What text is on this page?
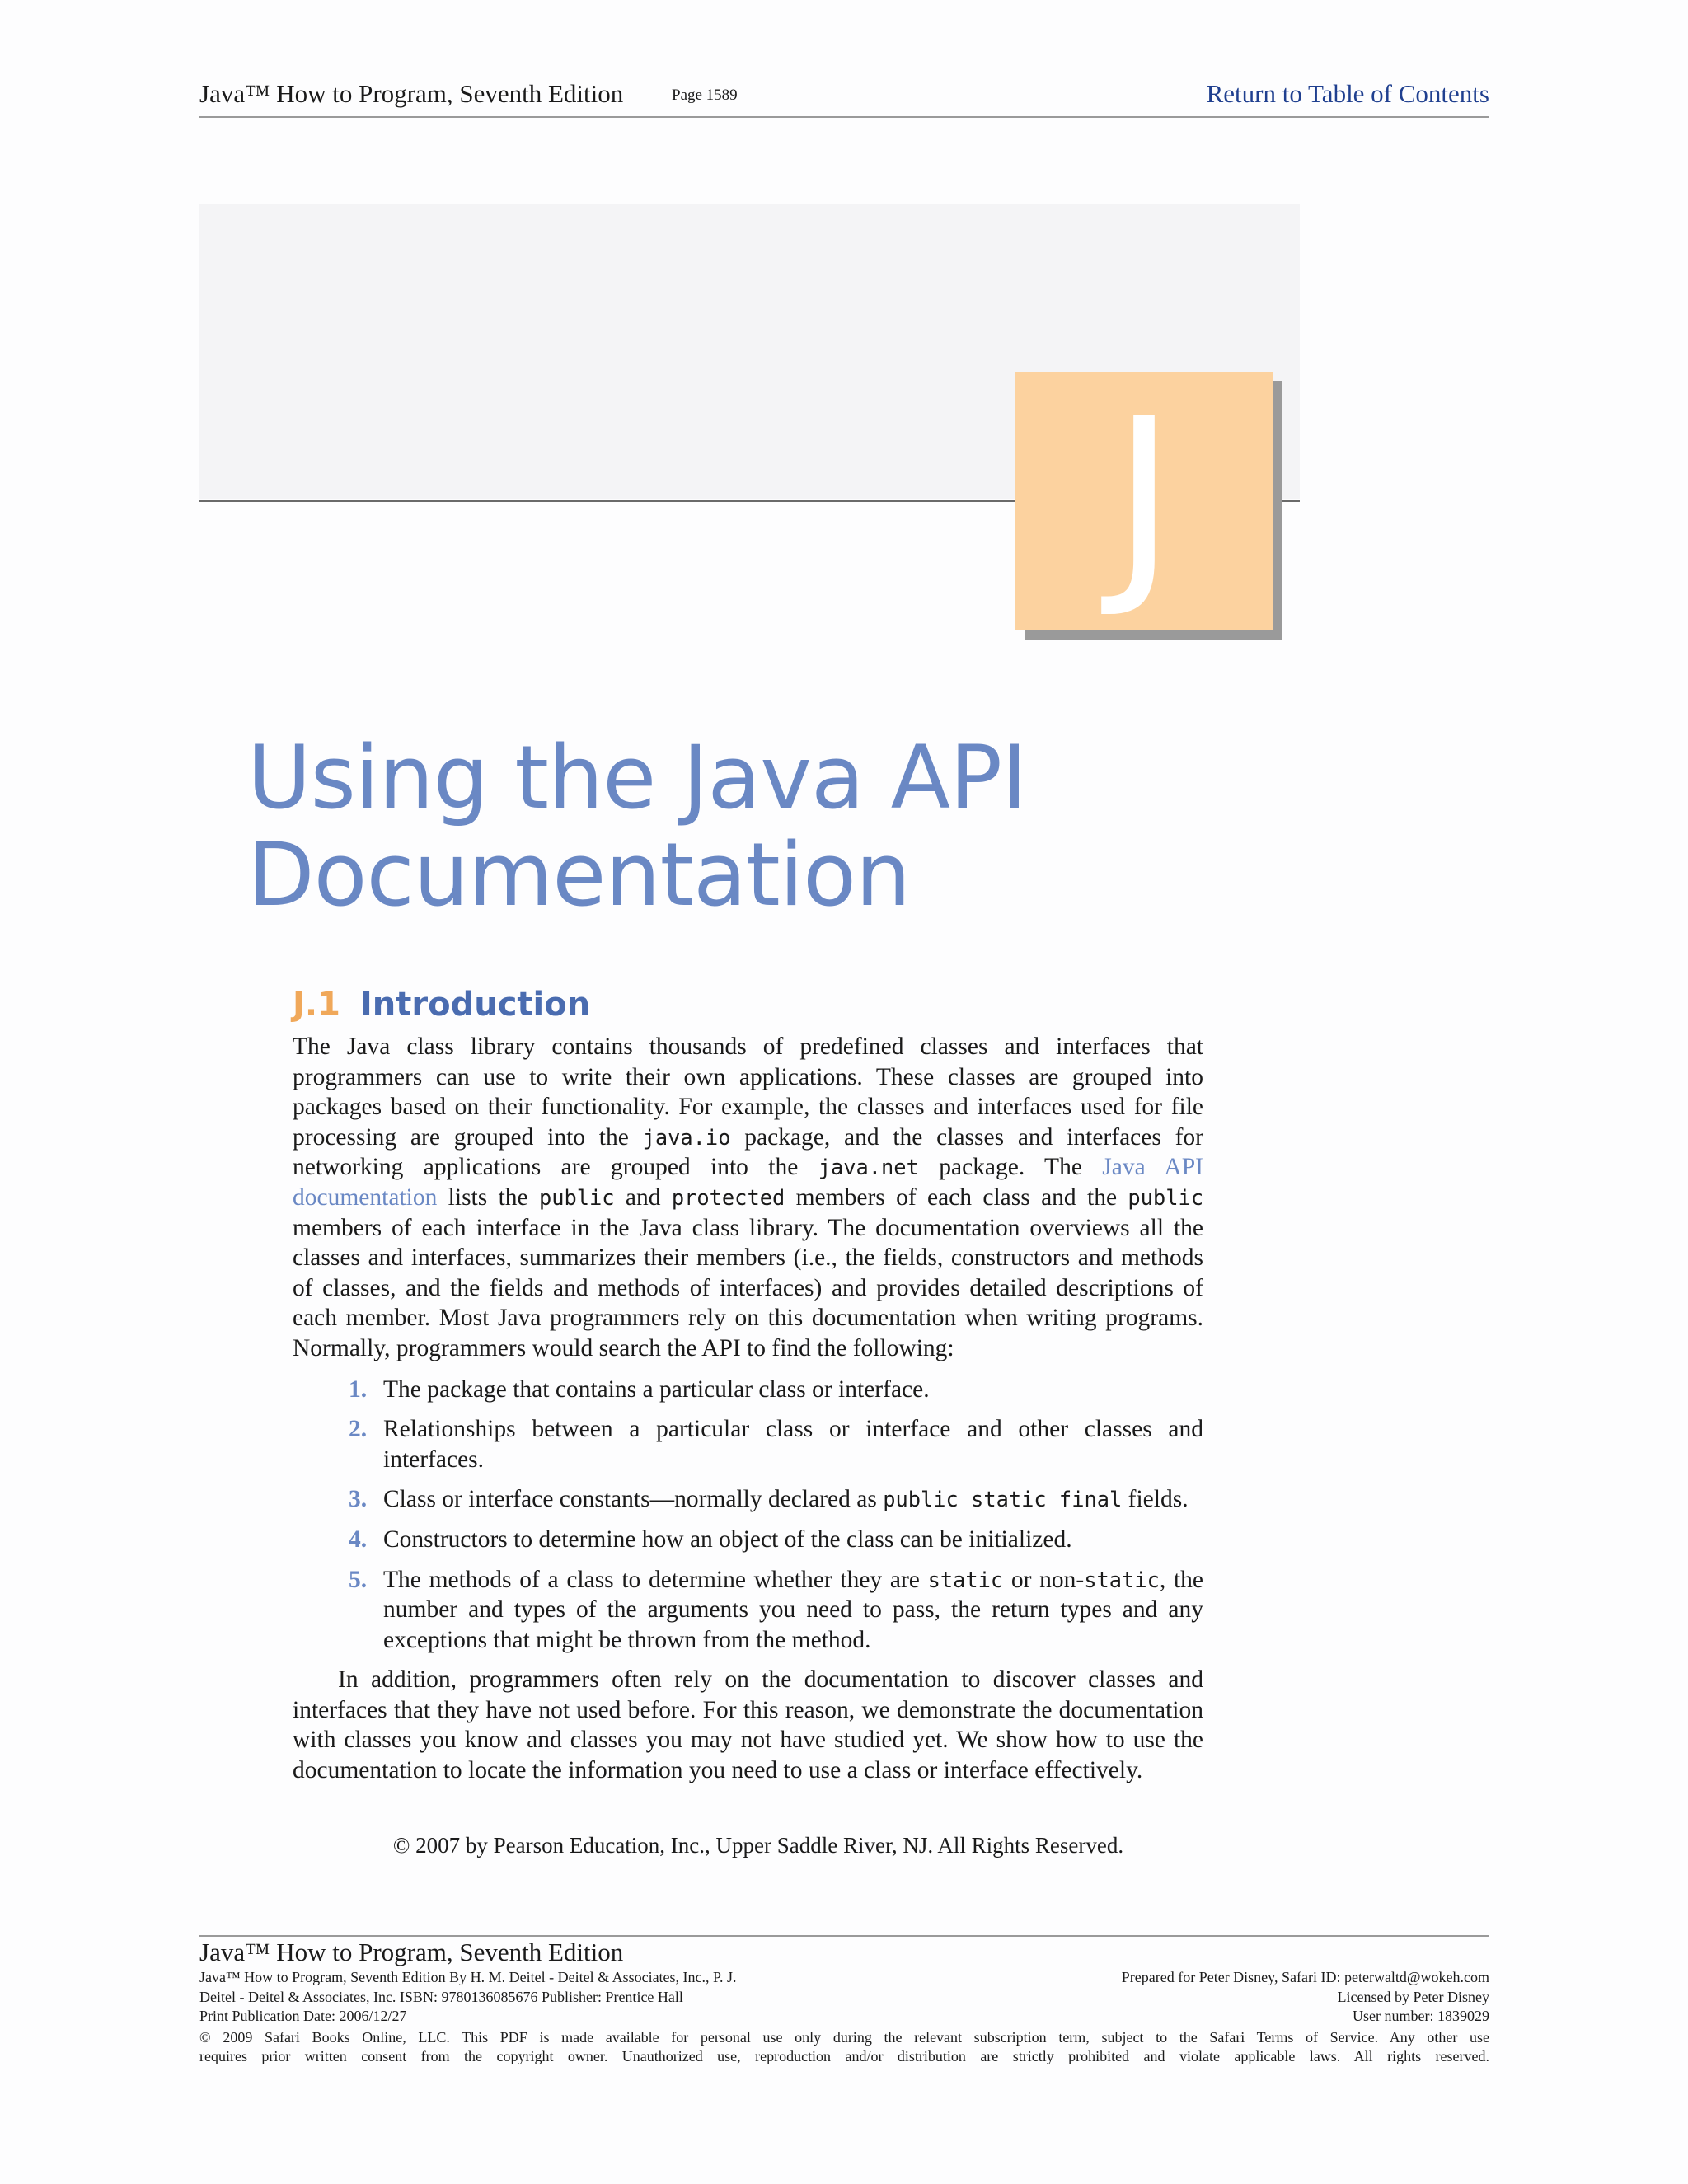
Java™ How to Program, Seventh Edition	Page 1589	Return to Table of Contents
J
Using the Java API Documentation
J.1 Introduction

The Java class library contains thousands of predefined classes and interfaces that programmers can use to write their own applications. These classes are grouped into packages based on their functionality. For example, the classes and interfaces used for file processing are grouped into the java.io package, and the classes and interfaces for networking applications are grouped into the java.net package. The Java API documentation lists the public and protected members of each class and the public members of each interface in the Java class library. The documentation overviews all the classes and interfaces, summarizes their members (i.e., the fields, constructors and methods of classes, and the fields and methods of interfaces) and provides detailed descriptions of each member. Most Java programmers rely on this documentation when writing programs. Normally, programmers would search the API to find the following:

1. The package that contains a particular class or interface.
2. Relationships between a particular class or interface and other classes and interfaces.
3. Class or interface constants—normally declared as public static final fields.
4. Constructors to determine how an object of the class can be initialized.
5. The methods of a class to determine whether they are static or non-static, the number and types of the arguments you need to pass, the return types and any exceptions that might be thrown from the method.

In addition, programmers often rely on the documentation to discover classes and interfaces that they have not used before. For this reason, we demonstrate the documentation with classes you know and classes you may not have studied yet. We show how to use the documentation to locate the information you need to use a class or interface effectively.

© 2007 by Pearson Education, Inc., Upper Saddle River, NJ. All Rights Reserved.
Java™ How to Program, Seventh Edition
Java™ How to Program, Seventh Edition By H. M. Deitel - Deitel & Associates, Inc., P. J.
Deitel - Deitel & Associates, Inc. ISBN: 9780136085676 Publisher: Prentice Hall
Print Publication Date: 2006/12/27
Prepared for Peter Disney, Safari ID: peterwaltd@wokeh.com
Licensed by Peter Disney
User number: 1839029
© 2009 Safari Books Online, LLC. This PDF is made available for personal use only during the relevant subscription term, subject to the Safari Terms of Service. Any other use
requires prior written consent from the copyright owner. Unauthorized use, reproduction and/or distribution are strictly prohibited and violate applicable laws. All rights reserved.
